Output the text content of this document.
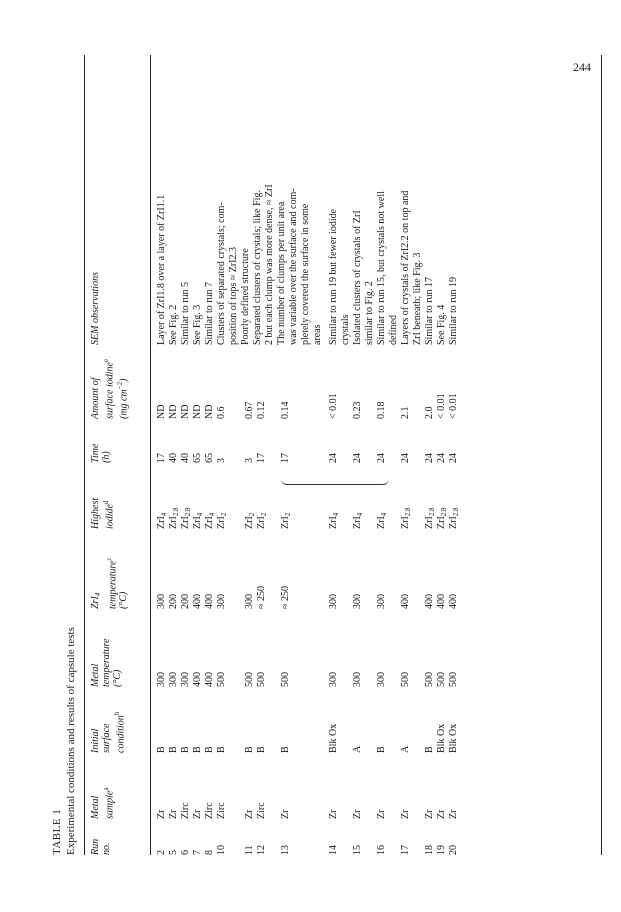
244
TABLE 1 Experimental conditions and results of capsule tests Run no.
Metal sample$^a$
Initial surface condition$^b$
Metal temperature (°C)
ZrI$_4$ temperature$^c$
(°C)
Highest iodide$^d$
Time (h)
Amount of surface iodine$^e$
(mg $cm^{-2}$)
SEM observations
2
Zr
B
300
300
17
ND
ZrI$_4$
Layer of ZrI1.8 over a layer of ZrI1.1
5
Zr
B
300
200
40
ND
ZrI$_{2.8}$
See Fig. 2
6
Zirc
B
300
200
40
ND
ZrI$_{2.8}$
Similar to run 5
7
Zr
B
400
400
65
ND
ZrI$_4$
See Fig. 3
8
Zirc
B
400
400
65
ND
ZrI$_4$
Similar to run 7
10
Zirc
B
500
300
3
0.6
ZrI$_2$
Clusters of separated crystals; com- position of tops ≈ ZrI2.3
11
Zr
B
500
300
3
0.67
ZrI$_2$
Poorly defined structure
12
Zirc
B
500
≈ 250
17
0.12
ZrI$_2$
Separated clusters of crystals; like Fig. 2 but each clump was more dense, ≈ ZrI
13
Zr
B
500
≈ 250
17
0.14
ZrI$_2$
The number of clumps per unit area was variable over the surface and com- pletely covered the surface in some areas
14
Zr
Blk Ox
300
300
24
< 0.01
ZrI$_4$
Similar to run 19 but fewer iodide crystals
15
Zr
A
300
300
24
0.23
ZrI$_4$
Isolated clusters of crystals of ZrI similar to Fig. 2
16
Zr
B
300
300
24
0.18
ZrI$_4$
Similar to run 15, but crystals not well defined
17
Zr
A
500
400
24
2.1
ZrI$_{2.8}$
Layers of crystals of ZrI2.2 on top and ZrI beneath; like Fig. 3
18
Zr
B
500
400
24
2.0
ZrI$_{2.8}$
Similar to run 17
19
Zr
Blk Ox
500
400
24
< 0.01
ZrI$_{2.8}$
See Fig. 4
20
Zr
Blk Ox
500
400
24
< 0.01
ZrI$_{2.8}$
Similar to run 19
